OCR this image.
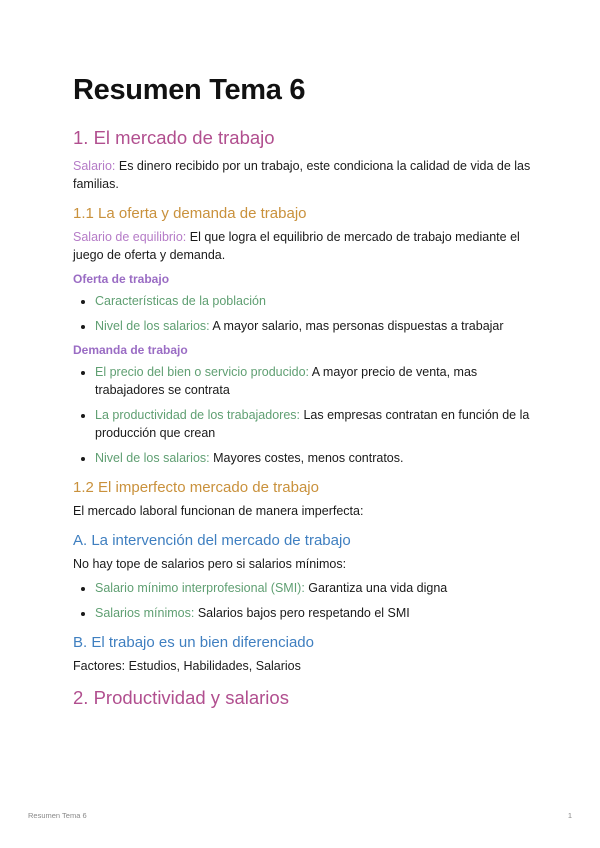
Resumen Tema 6
1. El mercado de trabajo

Salario: Es dinero recibido por un trabajo, este condiciona la calidad de vida de las familias.

1.1 La oferta y demanda de trabajo

Salario de equilibrio: El que logra el equilibrio de mercado de trabajo mediante el juego de oferta y demanda.

Oferta de trabajo
• Características de la población
• Nivel de los salarios: A mayor salario, mas personas dispuestas a trabajar
Demanda de trabajo
• El precio del bien o servicio producido: A mayor precio de venta, mas trabajadores se contrata
• La productividad de los trabajadores: Las empresas contratan en función de la producción que crean
• Nivel de los salarios: Mayores costes, menos contratos.
1.2 El imperfecto mercado de trabajo

El mercado laboral funcionan de manera imperfecta:

A. La intervención del mercado de trabajo

No hay tope de salarios pero si salarios mínimos:

• Salario mínimo interprofesional (SMI): Garantiza una vida digna
• Salarios mínimos: Salarios bajos pero respetando el SMI
B. El trabajo es un bien diferenciado

Factores: Estudios, Habilidades, Salarios

2. Productividad y salarios
Resumen Tema 6	1
